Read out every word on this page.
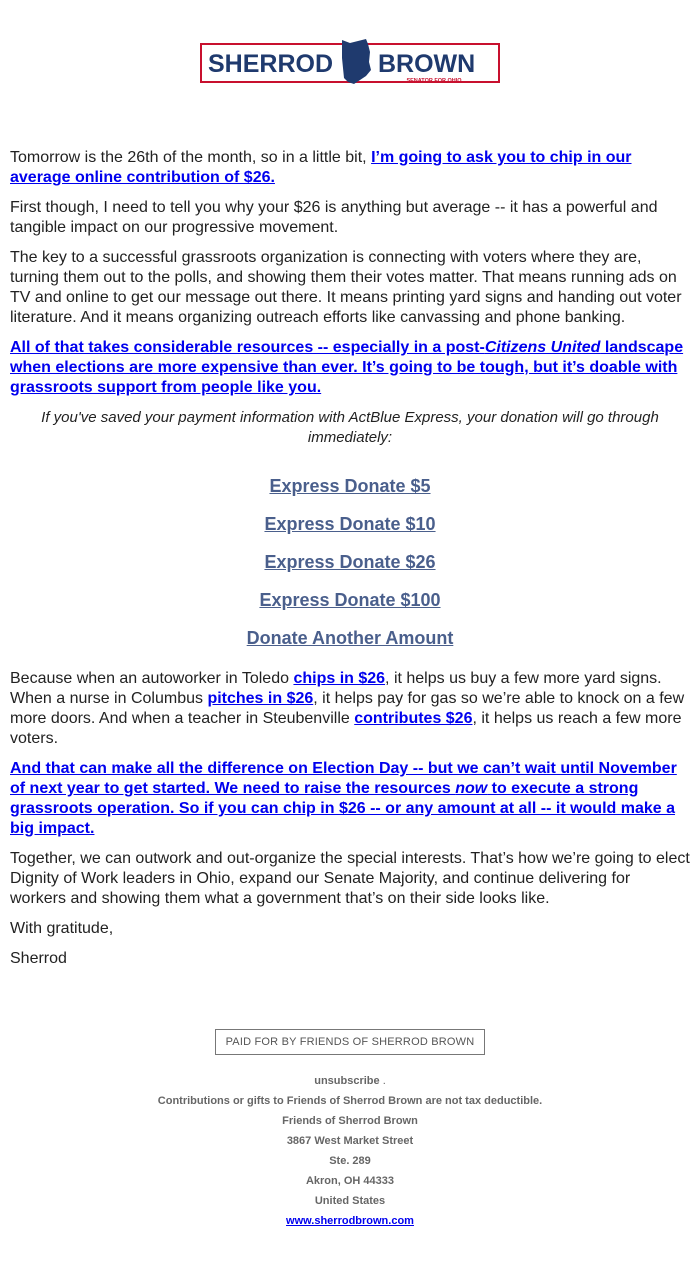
SHERROD BROWN
SENATOR FOR OHIO

Tomorrow is the 26th of the month, so in a little bit, I’m going to ask you to chip in our average online contribution of $26.

First though, I need to tell you why your $26 is anything but average -- it has a powerful and tangible impact on our progressive movement.

The key to a successful grassroots organization is connecting with voters where they are, turning them out to the polls, and showing them their votes matter. That means running ads on TV and online to get our message out there. It means printing yard signs and handing out voter literature. And it means organizing outreach efforts like canvassing and phone banking.

All of that takes considerable resources -- especially in a post-Citizens United landscape when elections are more expensive than ever. It’s going to be tough, but it’s doable with grassroots support from people like you.

If you've saved your payment information with ActBlue Express, your donation will go through immediately:

Express Donate $5
Express Donate $10
Express Donate $26
Express Donate $100
Donate Another Amount

Because when an autoworker in Toledo chips in $26, it helps us buy a few more yard signs. When a nurse in Columbus pitches in $26, it helps pay for gas so we’re able to knock on a few more doors. And when a teacher in Steubenville contributes $26, it helps us reach a few more voters.

And that can make all the difference on Election Day -- but we can’t wait until November of next year to get started. We need to raise the resources now to execute a strong grassroots operation. So if you can chip in $26 -- or any amount at all -- it would make a big impact.

Together, we can outwork and out-organize the special interests. That’s how we’re going to elect Dignity of Work leaders in Ohio, expand our Senate Majority, and continue delivering for workers and showing them what a government that’s on their side looks like.

With gratitude,

Sherrod

PAID FOR BY FRIENDS OF SHERROD BROWN
unsubscribe .
Contributions or gifts to Friends of Sherrod Brown are not tax deductible.
Friends of Sherrod Brown
3867 West Market Street
Ste. 289
Akron, OH 44333
United States
www.sherrodbrown.com
